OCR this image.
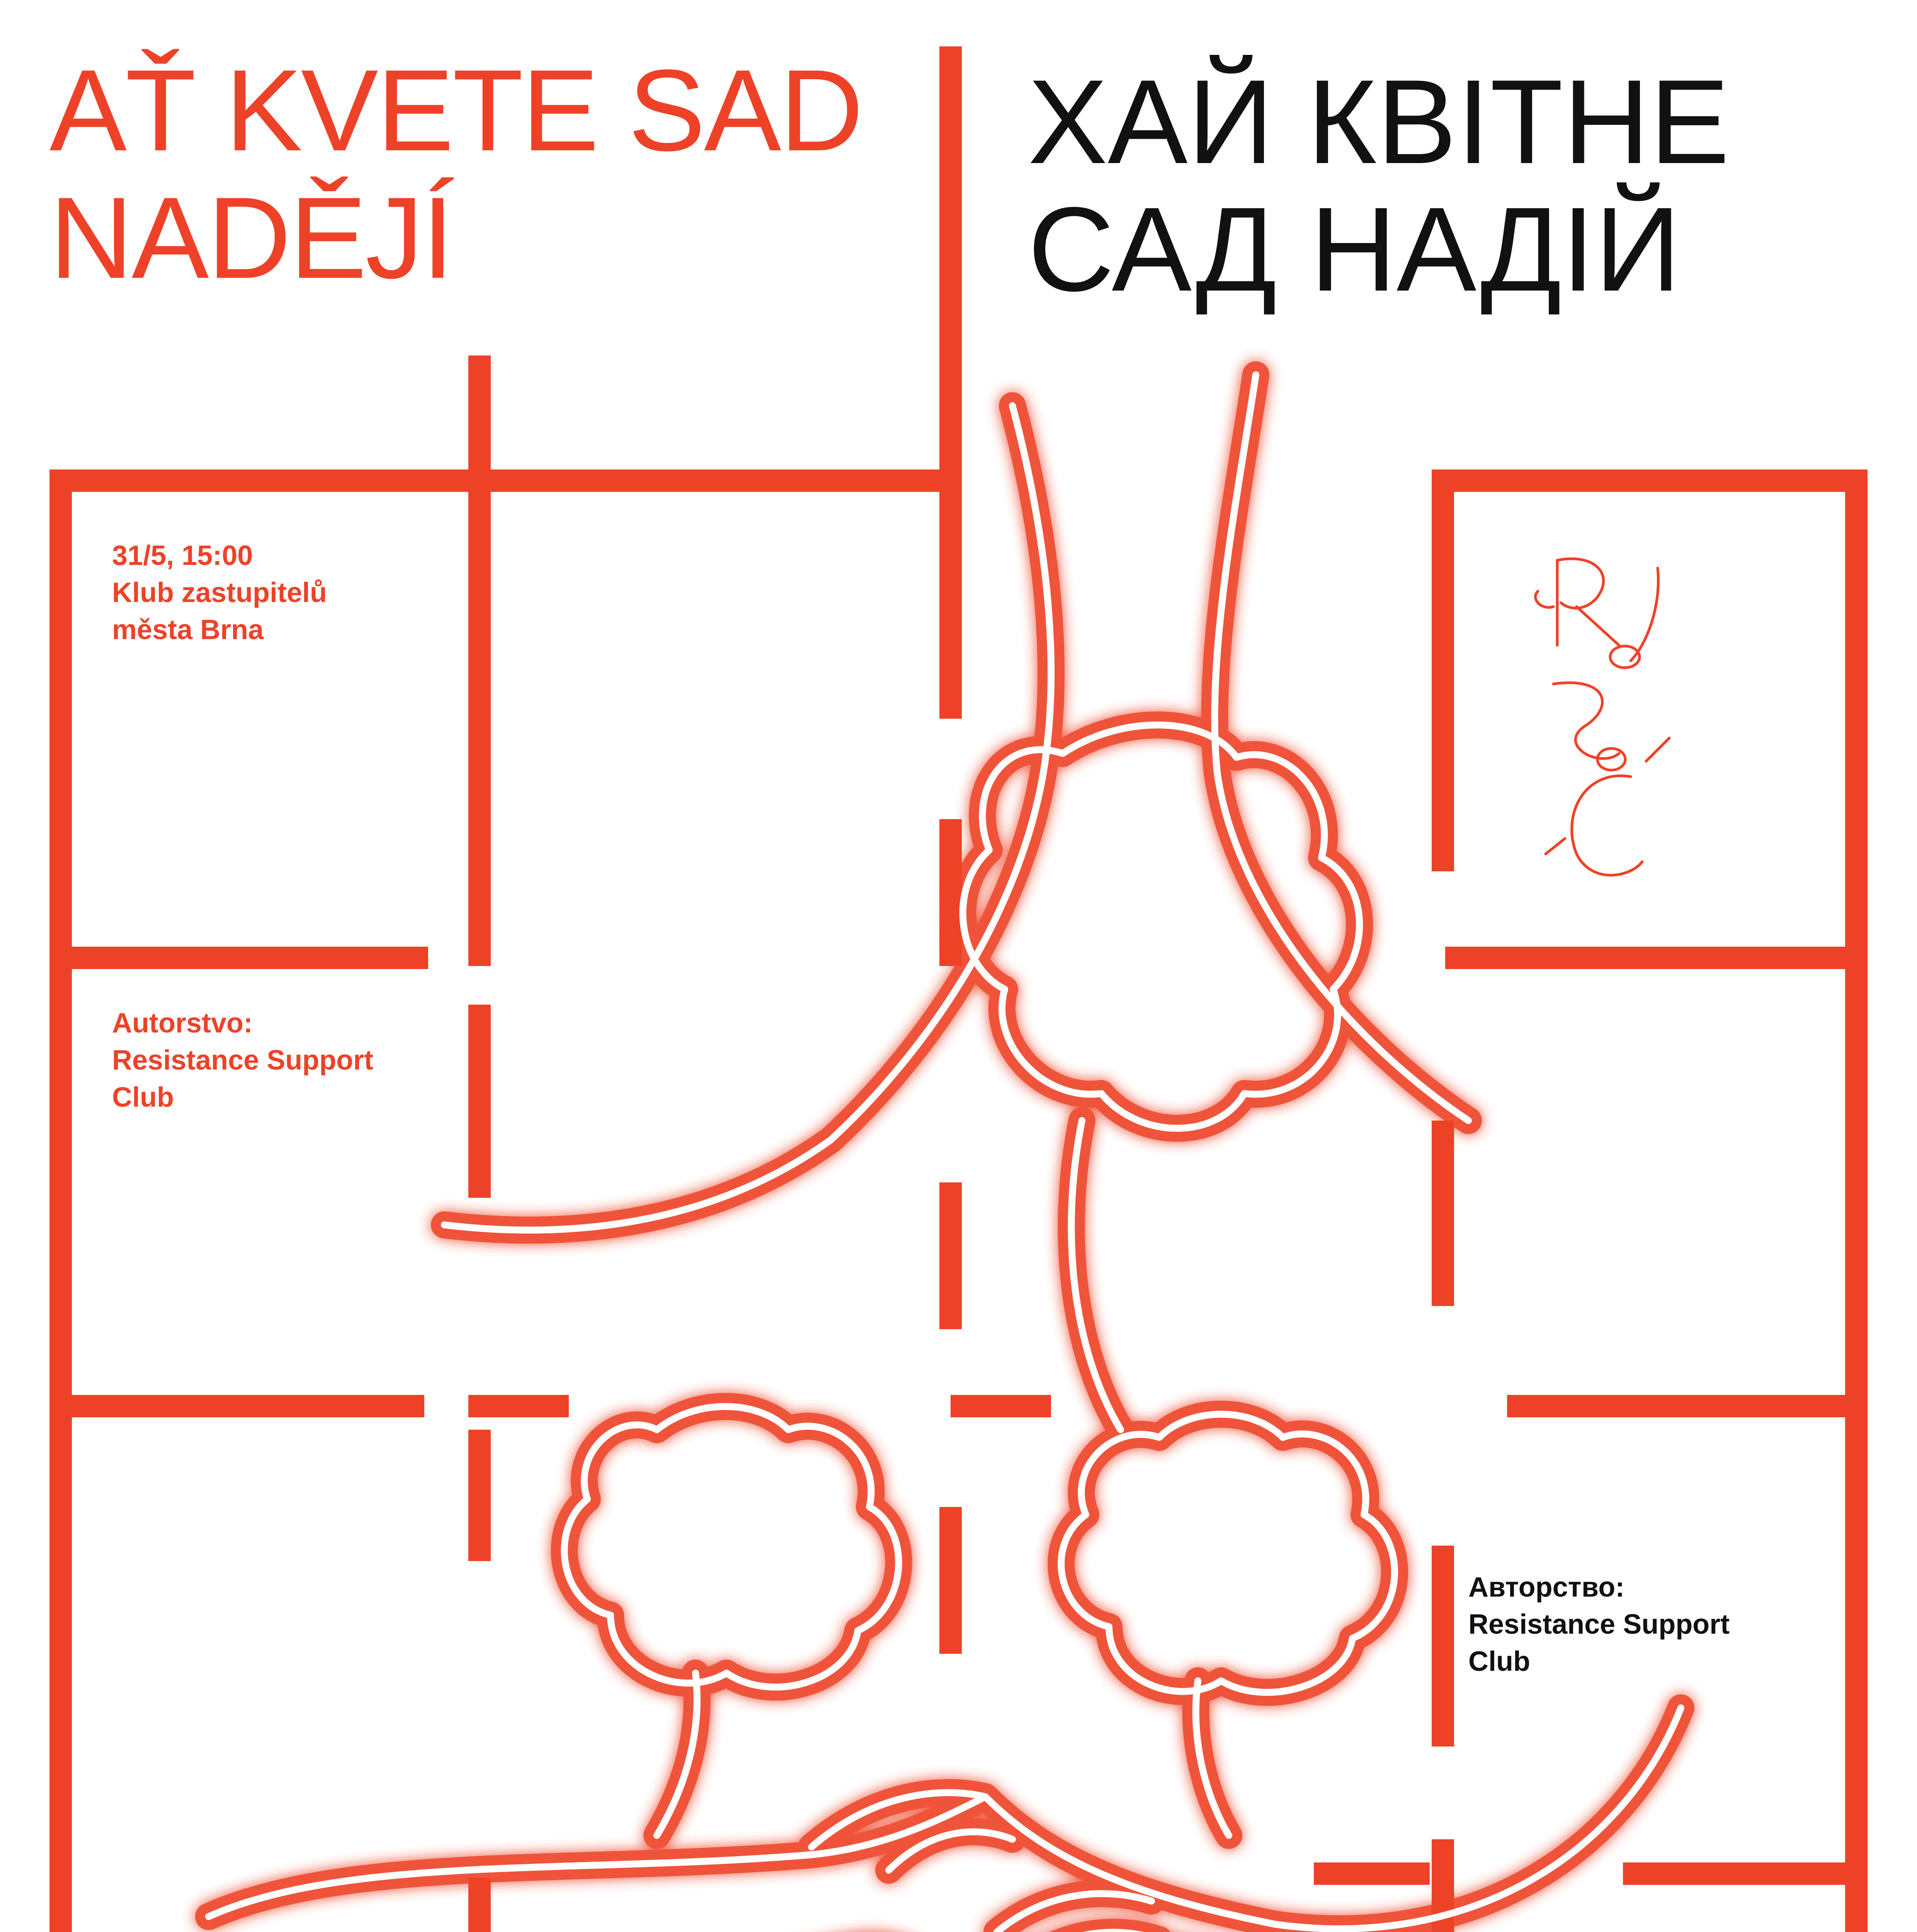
AŤ KVETE SAD
NADĚJÍ
ХАЙ КВІТНЕ
САД НАДІЙ
31/5, 15:00
Klub zastupitelů
města Brna
Autorstvo:
Resistance Support
Club
Авторство:
Resistance Support
Club
